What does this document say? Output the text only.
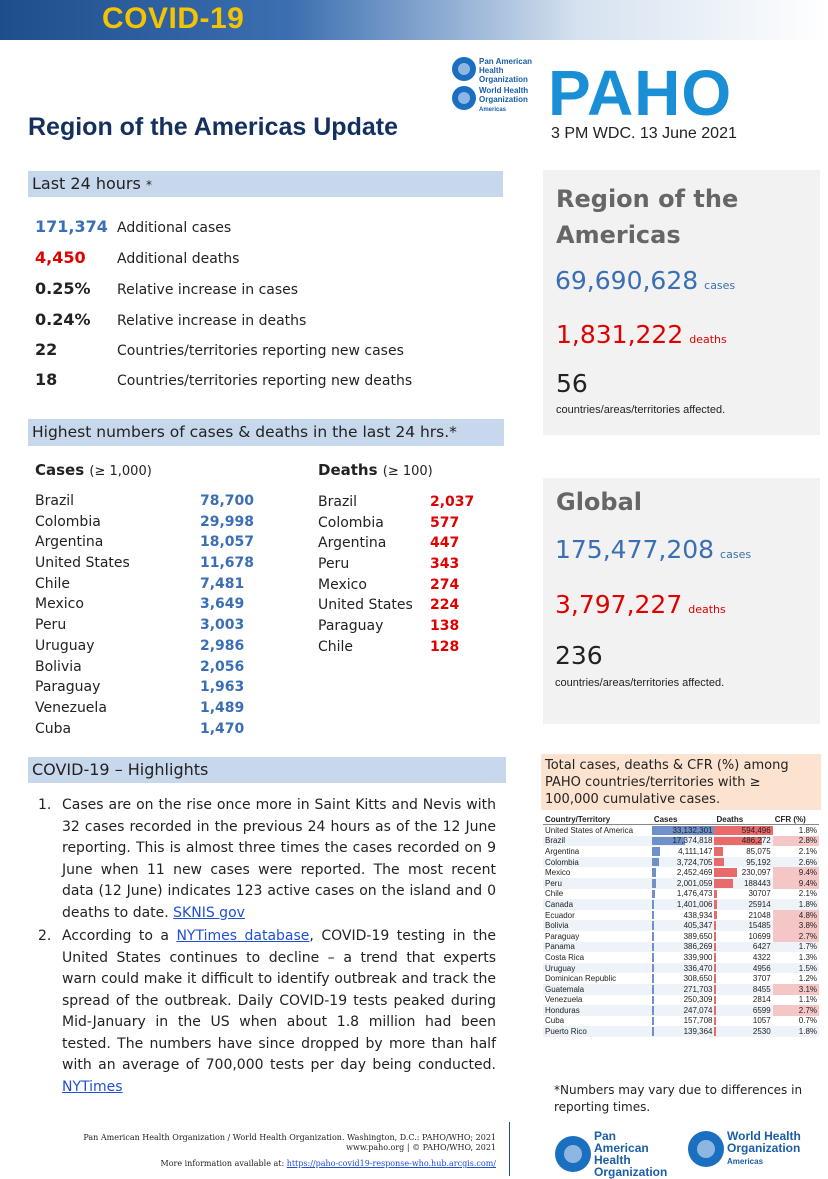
COVID-19
Pan American Health Organization
World Health Organization
Americas PAHO
Region of the Americas Update	3 PM WDC. 13 June 2021
Last 24 hours *
171,374 Additional cases
4,450 Additional deaths
0.25% Relative increase in cases
0.24% Relative increase in deaths
22	Countries/territories reporting new cases
18	Countries/territories reporting new deaths
Highest numbers of cases & deaths in the last 24 hrs.*
Cases (≥ 1,000)	Deaths (≥ 100)
Brazil	78,700
Colombia	29,998
Argentina	18,057
United States	11,678
Chile	7,481
Mexico	3,649
Peru	3,003
Uruguay	2,986
Bolivia	2,056
Paraguay	1,963
Venezuela	1,489
Cuba	1,470
Brazil	2,037
Colombia	577
Argentina	447
Peru	343
Mexico	274
United States 224
Paraguay	138
Chile	128
Region of the
Americas
69,690,628 cases
1,831,222 deaths
56
countries/areas/territories affected.
Global
175,477,208 cases
3,797,227 deaths
236
countries/areas/territories affected.
COVID-19 – Highlights
1. Cases are on the rise once more in Saint Kitts and Nevis with 32 cases recorded in the previous 24 hours as of the 12 June reporting. This is almost three times the cases recorded on 9 June when 11 new cases were reported. The most recent data (12 June) indicates 123 active cases on the island and 0 deaths to date. SKNIS gov
2. According to a NYTimes database, COVID-19 testing in the United States continues to decline – a trend that experts warn could make it difficult to identify outbreak and track the spread of the outbreak. Daily COVID-19 tests peaked during Mid-January in the US when about 1.8 million had been tested. The numbers have since dropped by more than half with an average of 700,000 tests per day being conducted. NYTimes
Total cases, deaths & CFR (%) among PAHO countries/territories with ≥ 100,000 cumulative cases.
Country/Territory	Cases	Deaths	CFR (%)
United States of America	33,132,301	594,496	1.8%
Brazil	17,374,818	486,272	2.8%
Argentina	4,111,147	85,075	2.1%
Colombia	3,724,705	95,192	2.6%
Mexico	2,452,469	230,097	9.4%
Peru	2,001,059	188443	9.4%
Chile	1,476,473	30707	2.1%
Canada	1,401,006	25914	1.8%
Ecuador	438,934	21048	4.8%
Bolivia	405,347	15485	3.8%
Paraguay	389,650	10699	2.7%
Panama	386,269	6427	1.7%
Costa Rica	339,900	4322	1.3%
Uruguay	336,470	4956	1.5%
Dominican Republic	308,650	3707	1.2%
Guatemala	271,703	8455	3.1%
Venezuela	250,309	2814	1.1%
Honduras	247,074	6599	2.7%
Cuba	157,708	1057	0.7%
Puerto Rico	139,364	2530	1.8%
*Numbers may vary due to differences in reporting times.
Pan American Health Organization / World Health Organization. Washington, D.C.: PAHO/WHO; 2021
www.paho.org | © PAHO/WHO, 2021
More information available at: https://paho-covid19-response-who.hub.arcgis.com/
Pan American Health Organization
World Health Organization
Americas
